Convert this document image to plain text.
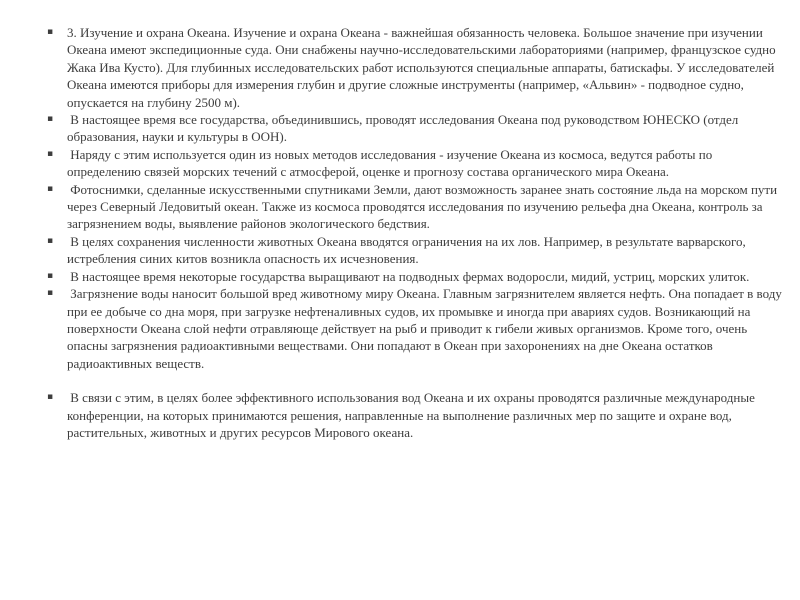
▪	3. Изучение и охрана Океана. Изучение и охрана Океана - важнейшая обязанность человека. Большое значение при изучении Океана имеют экспедиционные суда. Они снабжены научно-исследовательскими лабораториями (например, французское судно Жака Ива Кусто). Для глубинных исследовательских работ используются специальные аппараты, батискафы. У исследователей Океана имеются приборы для измерения глубин и другие сложные инструменты (например, «Альвин» - подводное судно, опускается на глубину 2500 м).
▪	В настоящее время все государства, объединившись, проводят исследования Океана под руководством ЮНЕСКО (отдел образования, науки и культуры в ООН).
▪	Наряду с этим используется один из новых методов исследования - изучение Океана из космоса, ведутся работы по определению связей морских течений с атмосферой, оценке и прогнозу состава органического мира Океана.
▪	Фотоснимки, сделанные искусственными спутниками Земли, дают возможность заранее знать состояние льда на морском пути через Северный Ледовитый океан. Также из космоса проводятся исследования по изучению рельефа дна Океана, контроль за загрязнением воды, выявление районов экологического бедствия.
▪	В целях сохранения численности животных Океана вводятся ограничения на их лов. Например, в результате варварского, истребления синих китов возникла опасность их исчезновения.
▪	В настоящее время некоторые государства выращивают на подводных фермах водоросли, мидий, устриц, морских улиток.
▪	Загрязнение воды наносит большой вред животному миру Океана. Главным загрязнителем является нефть. Она попадает в воду при ее добыче со дна моря, при загрузке нефтеналивных судов, их промывке и иногда при авариях судов. Возникающий на поверхности Океана слой нефти отравляюще действует на рыб и приводит к гибели живых организмов. Кроме того, очень опасны загрязнения радиоактивными веществами. Они попадают в Океан при захоронениях на дне Океана остатков радиоактивных веществ.
▪	В связи с этим, в целях более эффективного использования вод Океана и их охраны проводятся различные международные конференции, на которых принимаются решения, направленные на выполнение различных мер по защите и охране вод, растительных, животных и других ресурсов Мирового океана.
